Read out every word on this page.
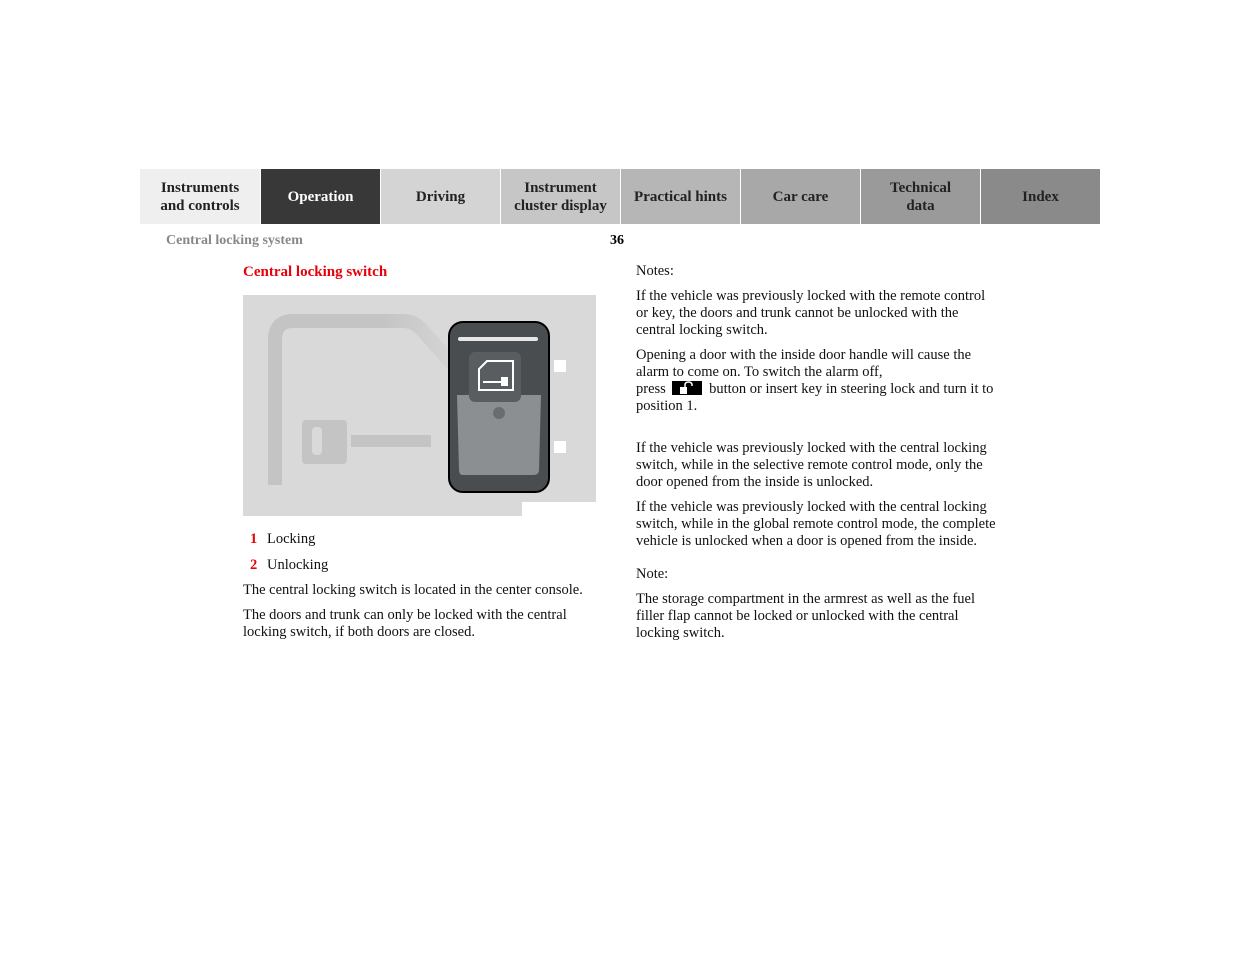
Instruments and controls
Operation	Driving
Instrument cluster display
Practical hints	Car care
Technical data
Index
Central locking system	36
Central locking switch

1 Locking

2 Unlocking

The central locking switch is located in the center console.

The doors and trunk can only be locked with the central locking switch, if both doors are closed.

Notes:

If the vehicle was previously locked with the remote control or key, the doors and trunk cannot be unlocked with the central locking switch.

Opening a door with the inside door handle will cause the alarm to come on. To switch the alarm off,
press	button or insert key in steering lock and turn it to position 1.

If the vehicle was previously locked with the central locking switch, while in the selective remote control mode, only the door opened from the inside is unlocked.

If the vehicle was previously locked with the central locking switch, while in the global remote control mode, the complete vehicle is unlocked when a door is opened from the inside.

Note:

The storage compartment in the armrest as well as the fuel filler flap cannot be locked or unlocked with the central locking switch.
